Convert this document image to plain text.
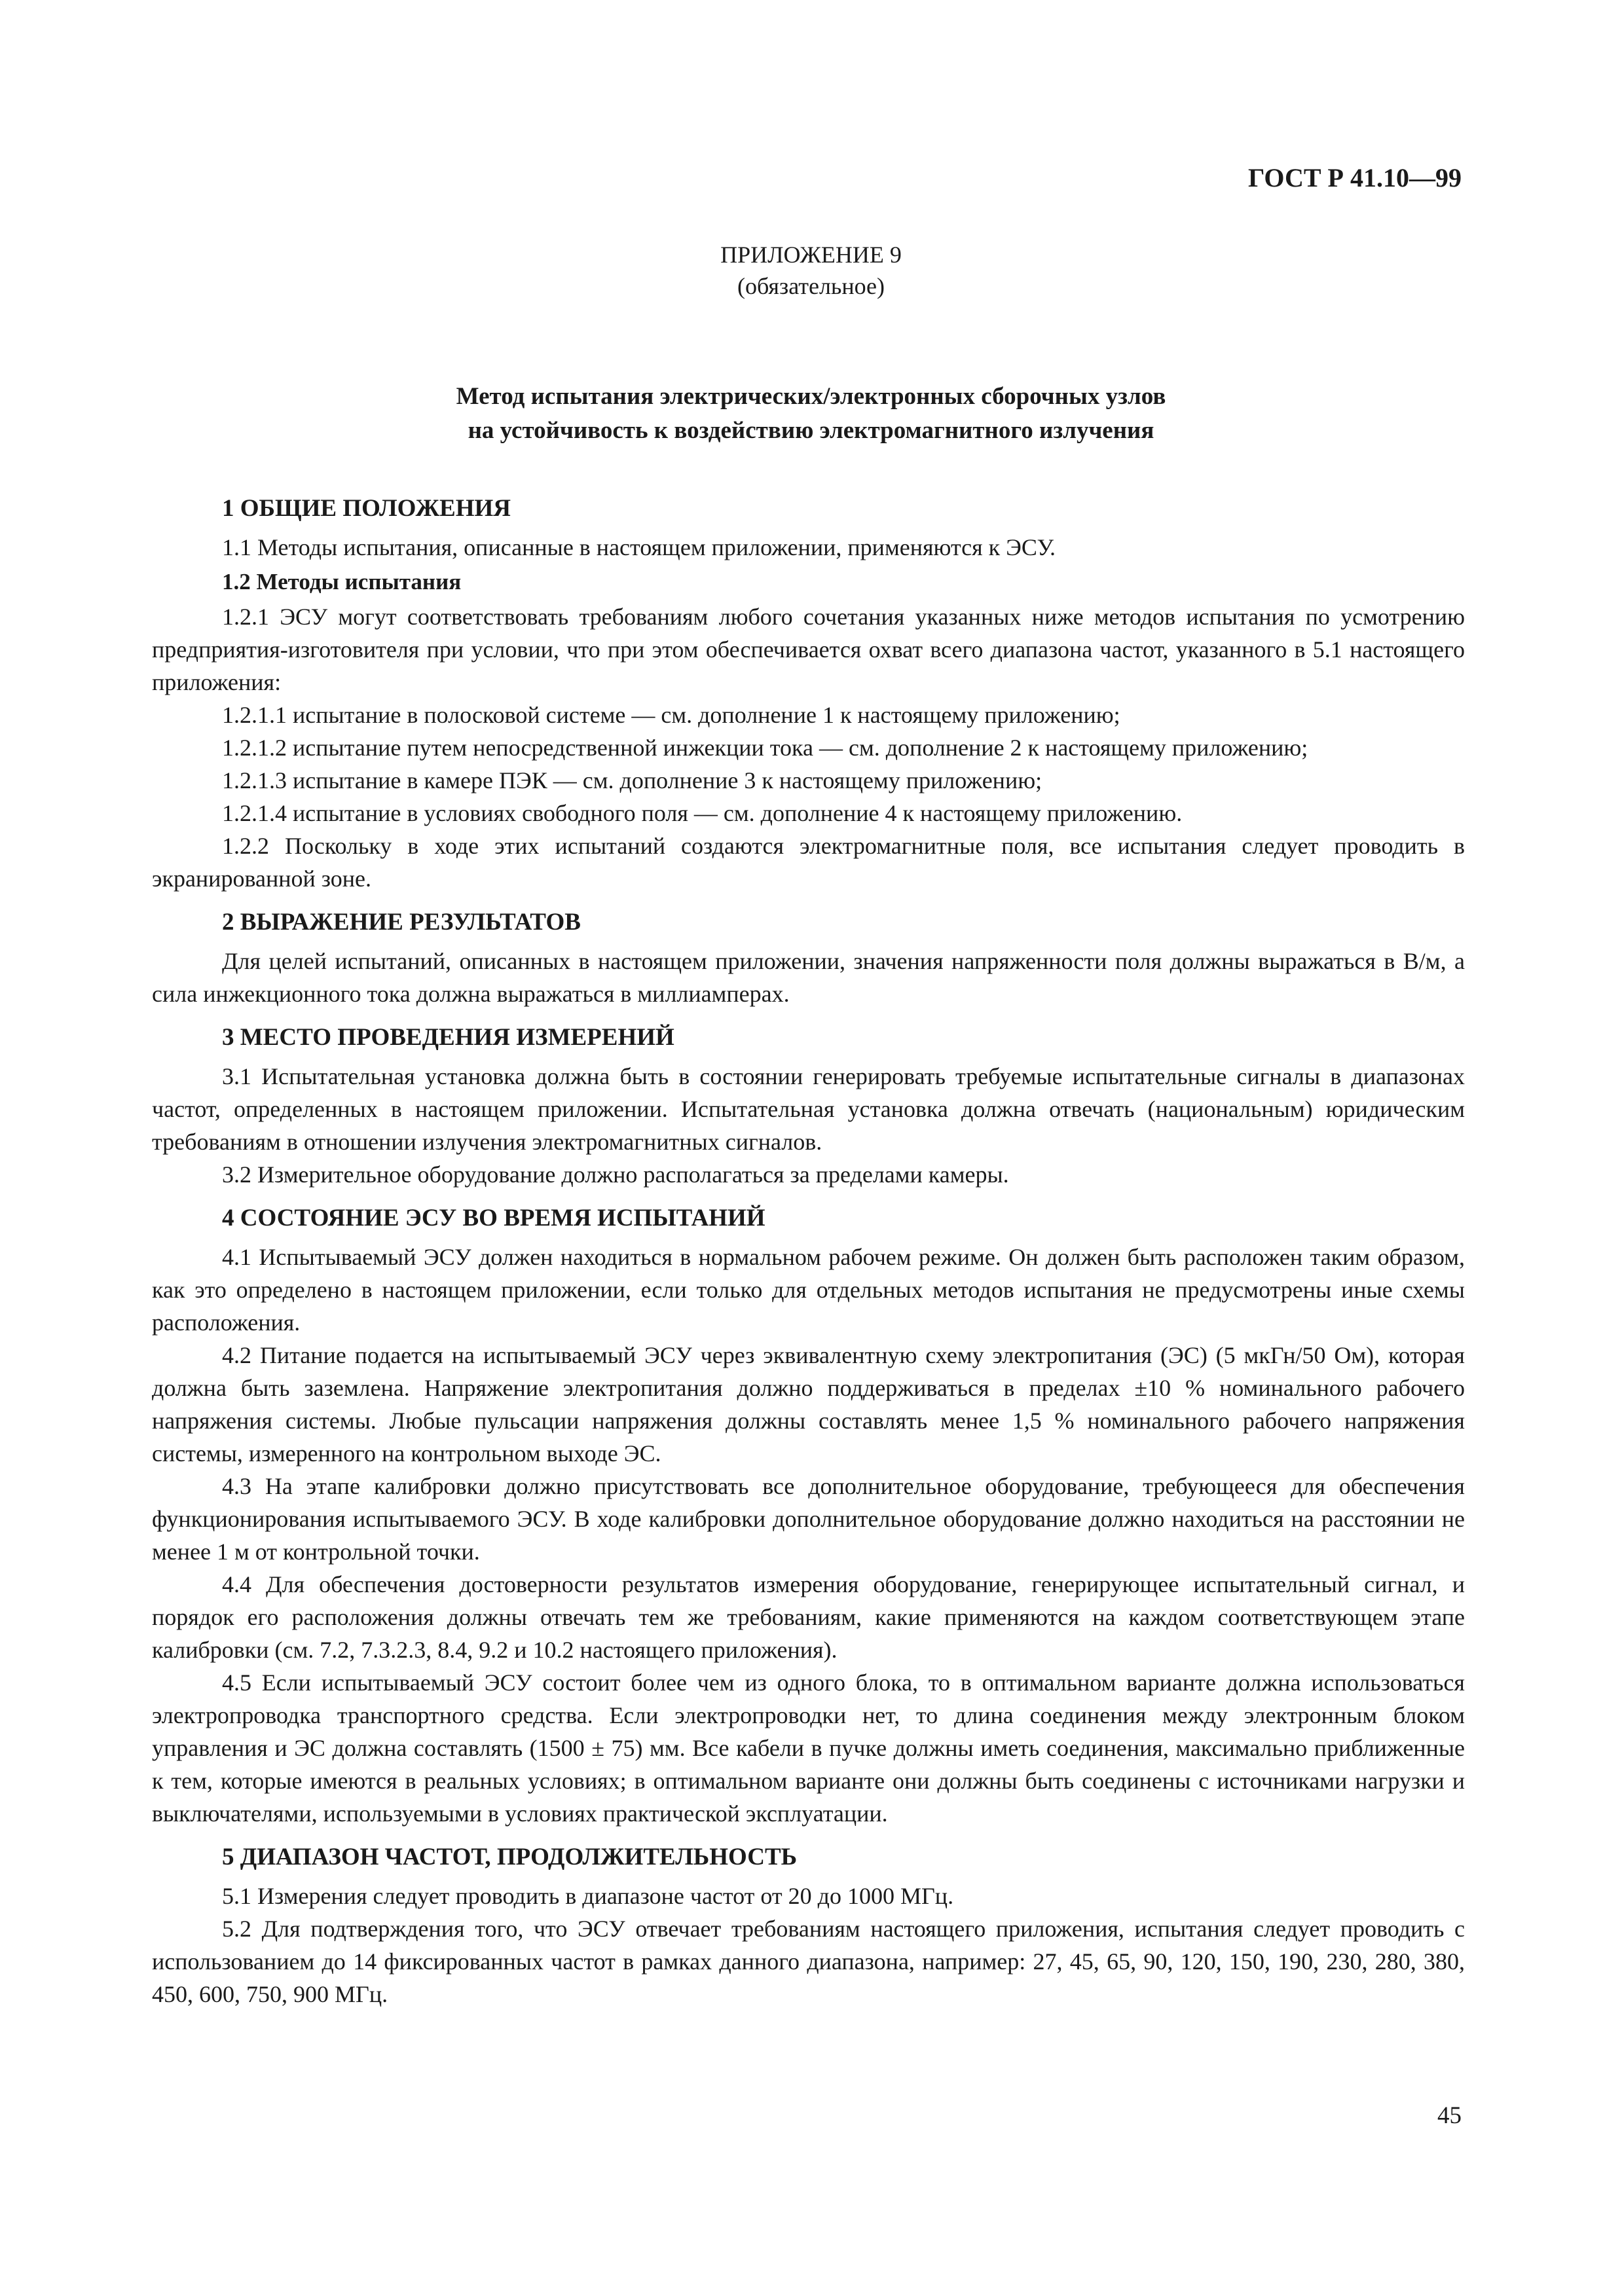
ГОСТ Р 41.10—99
ПРИЛОЖЕНИЕ 9
(обязательное)
Метод испытания электрических/электронных сборочных узлов
на устойчивость к воздействию электромагнитного излучения
1 ОБЩИЕ ПОЛОЖЕНИЯ

1.1 Методы испытания, описанные в настоящем приложении, применяются к ЭСУ.

1.2 Методы испытания

1.2.1 ЭСУ могут соответствовать требованиям любого сочетания указанных ниже методов испытания по усмотрению предприятия-изготовителя при условии, что при этом обеспечивается охват всего диапазона частот, указанного в 5.1 настоящего приложения:

1.2.1.1 испытание в полосковой системе — см. дополнение 1 к настоящему приложению;

1.2.1.2 испытание путем непосредственной инжекции тока — см. дополнение 2 к настоящему приложению;

1.2.1.3 испытание в камере ПЭК — см. дополнение 3 к настоящему приложению;

1.2.1.4 испытание в условиях свободного поля — см. дополнение 4 к настоящему приложению.

1.2.2 Поскольку в ходе этих испытаний создаются электромагнитные поля, все испытания следует проводить в экранированной зоне.

2 ВЫРАЖЕНИЕ РЕЗУЛЬТАТОВ

Для целей испытаний, описанных в настоящем приложении, значения напряженности поля должны выражаться в В/м, а сила инжекционного тока должна выражаться в миллиамперах.

3 МЕСТО ПРОВЕДЕНИЯ ИЗМЕРЕНИЙ

3.1 Испытательная установка должна быть в состоянии генерировать требуемые испытательные сигналы в диапазонах частот, определенных в настоящем приложении. Испытательная установка должна отвечать (национальным) юридическим требованиям в отношении излучения электромагнитных сигналов.

3.2 Измерительное оборудование должно располагаться за пределами камеры.

4 СОСТОЯНИЕ ЭСУ ВО ВРЕМЯ ИСПЫТАНИЙ

4.1 Испытываемый ЭСУ должен находиться в нормальном рабочем режиме. Он должен быть расположен таким образом, как это определено в настоящем приложении, если только для отдельных методов испытания не предусмотрены иные схемы расположения.

4.2 Питание подается на испытываемый ЭСУ через эквивалентную схему электропитания (ЭС) (5 мкГн/50 Ом), которая должна быть заземлена. Напряжение электропитания должно поддерживаться в пределах ±10 % номинального рабочего напряжения системы. Любые пульсации напряжения должны составлять менее 1,5 % номинального рабочего напряжения системы, измеренного на контрольном выходе ЭС.

4.3 На этапе калибровки должно присутствовать все дополнительное оборудование, требующееся для обеспечения функционирования испытываемого ЭСУ. В ходе калибровки дополнительное оборудование должно находиться на расстоянии не менее 1 м от контрольной точки.

4.4 Для обеспечения достоверности результатов измерения оборудование, генерирующее испытательный сигнал, и порядок его расположения должны отвечать тем же требованиям, какие применяются на каждом соответствующем этапе калибровки (см. 7.2, 7.3.2.3, 8.4, 9.2 и 10.2 настоящего приложения).

4.5 Если испытываемый ЭСУ состоит более чем из одного блока, то в оптимальном варианте должна использоваться электропроводка транспортного средства. Если электропроводки нет, то длина соединения между электронным блоком управления и ЭС должна составлять (1500 ± 75) мм. Все кабели в пучке должны иметь соединения, максимально приближенные к тем, которые имеются в реальных условиях; в оптимальном варианте они должны быть соединены с источниками нагрузки и выключателями, используемыми в условиях практической эксплуатации.

5 ДИАПАЗОН ЧАСТОТ, ПРОДОЛЖИТЕЛЬНОСТЬ

5.1 Измерения следует проводить в диапазоне частот от 20 до 1000 МГц.

5.2 Для подтверждения того, что ЭСУ отвечает требованиям настоящего приложения, испытания следует проводить с использованием до 14 фиксированных частот в рамках данного диапазона, например: 27, 45, 65, 90, 120, 150, 190, 230, 280, 380, 450, 600, 750, 900 МГц.

45
